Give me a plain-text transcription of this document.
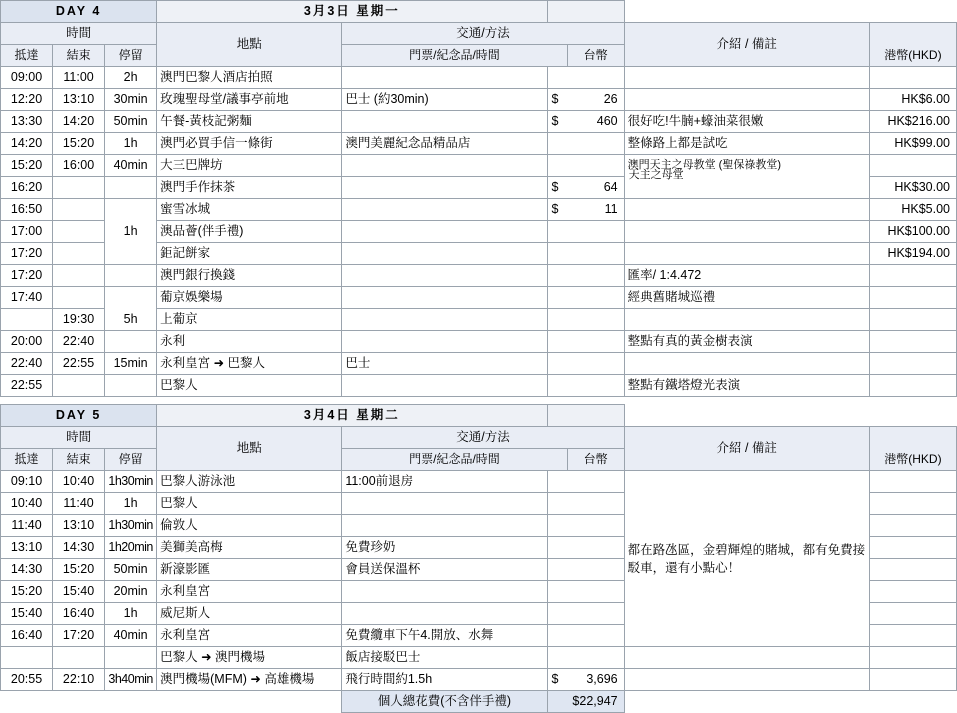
DAY 4			3月3日 星期一					
時間			地點	交通/方法			介紹 / 備註	
抵達	結束	停留		門票/紀念品/時間		台幣		港幣(HKD)
09:00	11:00	2h	澳門巴黎人酒店拍照					
12:20	13:10	30min	玫瑰聖母堂/議事亭前地	巴士 (約30min)	$	26		HK$6.00
13:30	14:20	50min	午餐-黃枝記粥麵		$	460	很好吃!牛腩+蠔油菜很嫩	HK$216.00
14:20	15:20	1h	澳門必買手信一條街	澳門美麗紀念品精品店			整條路上都是試吃	HK$99.00
15:20	16:00	40min	大三巴牌坊				澳門天主之母教堂 (聖保祿教堂)
天主之母堂	

16:20			澳門手作抹茶		$	64		HK$30.00
16:50			蜜雪冰城		$	11		HK$5.00
17:00		1h	澳品薈(伴手禮)					HK$100.00
17:20			鉅記餅家					HK$194.00
17:20			澳門銀行換錢				匯率/ 1:4.472	
17:40			葡京娛樂場				經典舊賭城巡禮	
	19:30	5h	上葡京					
20:00	22:40		永利				整點有真的黃金樹表演	
22:40	22:55	15min	永利皇宮 ➜ 巴黎人	巴士				
22:55			巴黎人				整點有鐵塔燈光表演	
DAY 5			3月4日 星期二					
時間			地點	交通/方法			介紹 / 備註	
抵達	結束	停留		門票/紀念品/時間		台幣		港幣(HKD)
09:10	10:40	1h30min	巴黎人游泳池	11:00前退房			都在路氹區，金碧輝煌的賭城，都有免費接駁車，還有小點心！	
10:40	11:40	1h	巴黎人					
11:40	13:10	1h30min	倫敦人					
13:10	14:30	1h20min	美獅美高梅	免費珍奶				
14:30	15:20	50min	新濠影匯	會員送保溫杯				
15:20	15:40	20min	永利皇宮					
15:40	16:40	1h	威尼斯人					
16:40	17:20	40min	永利皇宮	免費纜車下午4.開放、水舞				
			巴黎人 ➜ 澳門機場	飯店接駁巴士				
20:55	22:10	3h40min	澳門機場(MFM) ➜ 高雄機場	飛行時間約1.5h	$	3,696		
				個人總花費(不含伴手禮)	$22,947			
